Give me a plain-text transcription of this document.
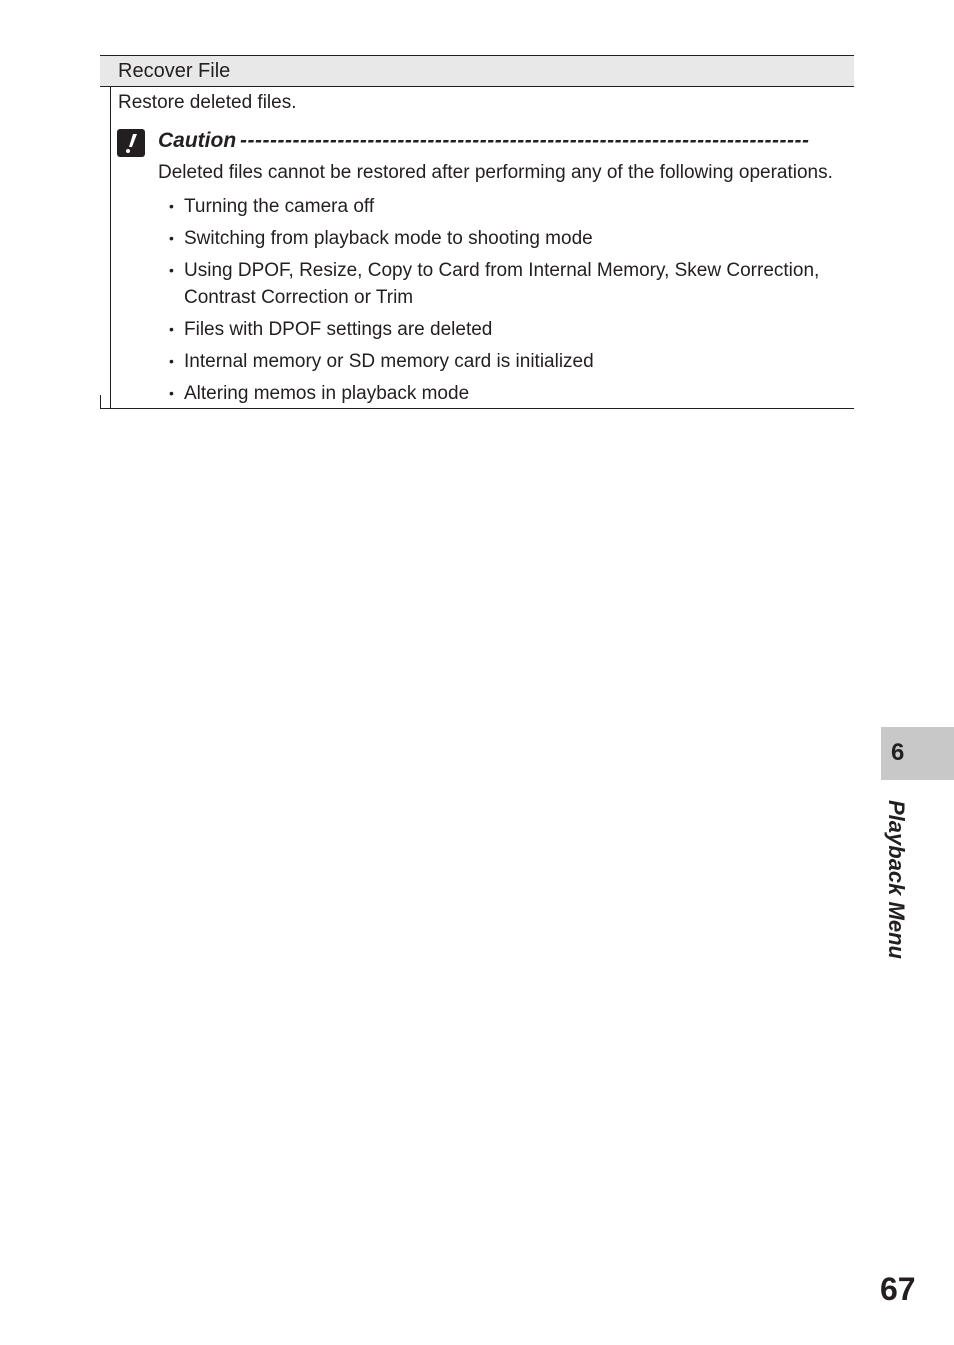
Recover File
Restore deleted files.
Caution ----------------------------------------------------------------------------
Deleted files cannot be restored after performing any of the following operations.
• Turning the camera off
• Switching from playback mode to shooting mode
• Using DPOF, Resize, Copy to Card from Internal Memory, Skew Correction, Contrast Correction or Trim
• Files with DPOF settings are deleted
• Internal memory or SD memory card is initialized
• Altering memos in playback mode
6
Playback Menu
67
